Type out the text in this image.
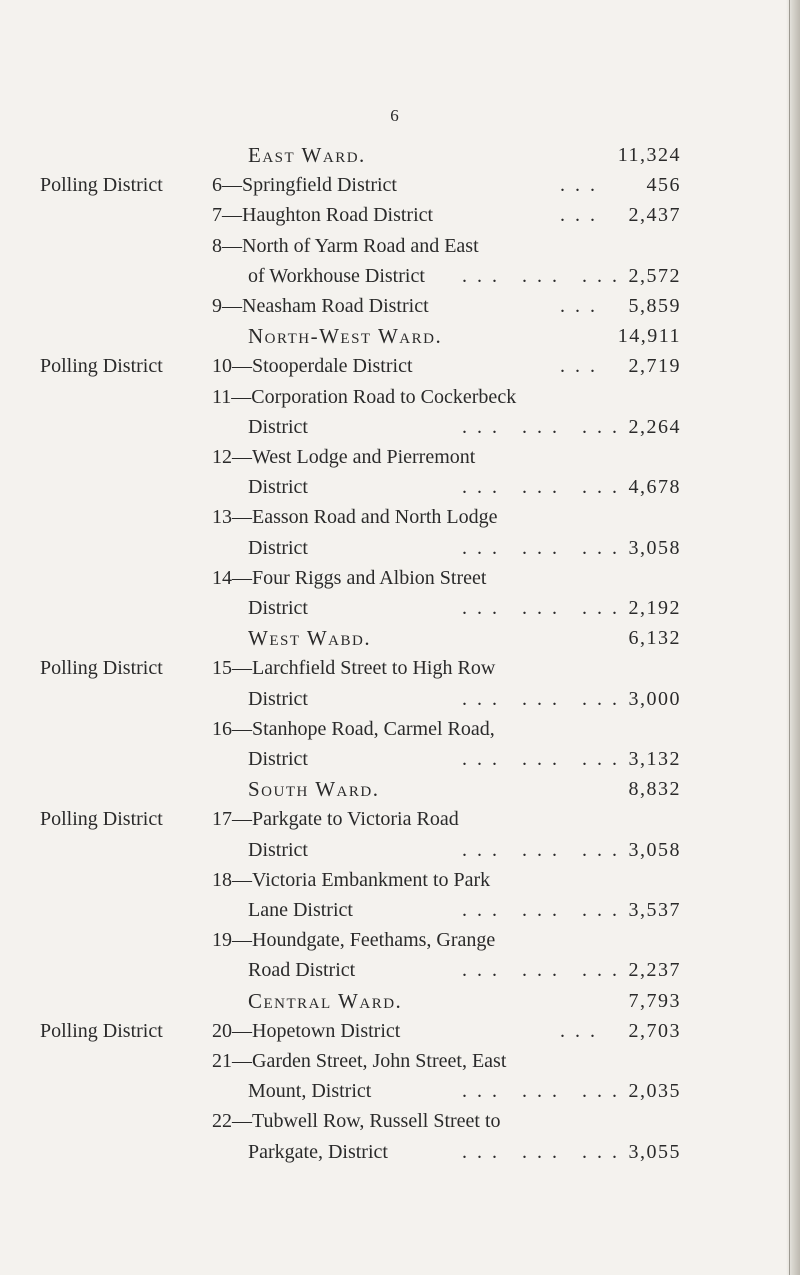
6
East Ward.	11,324
Polling District 6—Springfield District	...	456
7—Haughton Road District	...	2,437
8—North of Yarm Road and East
of Workhouse District ... ... ... 2,572
9—Neasham Road District	...	5,859
North-West Ward.	14,911
Polling District 10—Stooperdale District	...	2,719
11—Corporation Road to Cockerbeck
District	... ... ... 2,264
12—West Lodge and Pierremont
District	... ... ... 4,678
13—Easson Road and North Lodge
District	... ... ... 3,058
14—Four Riggs and Albion Street
District	... ... ... 2,192
West Wabd.	6,132
Polling District 15—Larchfield Street to High Row
District	... ... ... 3,000
16—Stanhope Road, Carmel Road,
District	... ... ... 3,132
South Ward.	8,832
Polling District 17—Parkgate to Victoria Road
District	... ... ... 3,058
18—Victoria Embankment to Park
Lane District	... ... ... 3,537
19—Houndgate, Feethams, Grange
Road District	... ... ... 2,237
Central Ward.	7,793
Polling District 20—Hopetown District	...	2,703
21—Garden Street, John Street, East
Mount, District	... ... ... 2,035
22—Tubwell Row, Russell Street to
Parkgate, District	... ... ... 3,055
